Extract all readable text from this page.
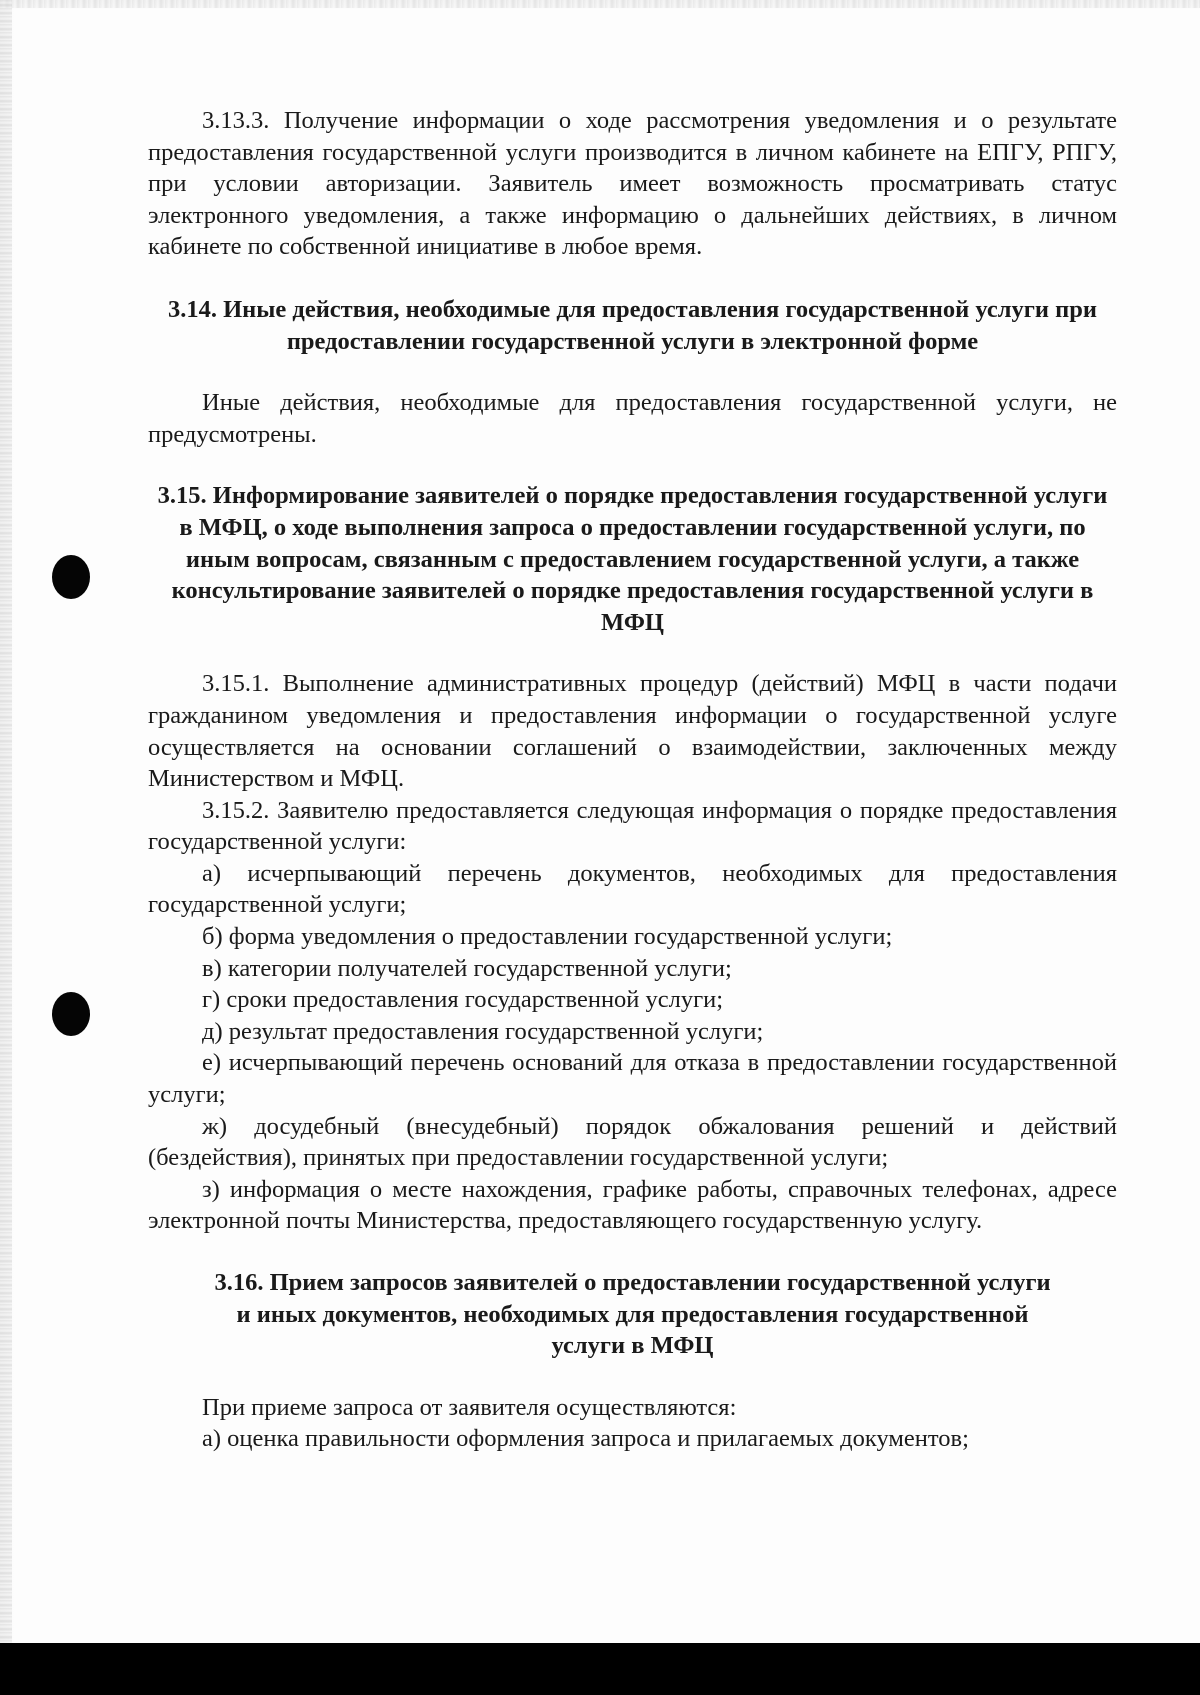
3.13.3. Получение информации о ходе рассмотрения уведомления и о результате предоставления государственной услуги производится в личном кабинете на ЕПГУ, РПГУ, при условии авторизации. Заявитель имеет возможность просматривать статус электронного уведомления, а также информацию о дальнейших действиях, в личном кабинете по собственной инициативе в любое время.

3.14. Иные действия, необходимые для предоставления государственной услуги при предоставлении государственной услуги в электронной форме

Иные действия, необходимые для предоставления государственной услуги, не предусмотрены.

3.15. Информирование заявителей о порядке предоставления государственной услуги в МФЦ, о ходе выполнения запроса о предоставлении государственной услуги, по иным вопросам, связанным с предоставлением государственной услуги, а также консультирование заявителей о порядке предоставления государственной услуги в МФЦ

3.15.1. Выполнение административных процедур (действий) МФЦ в части подачи гражданином уведомления и предоставления информации о государственной услуге осуществляется на основании соглашений о взаимодействии, заключенных между Министерством и МФЦ.

3.15.2. Заявителю предоставляется следующая информация о порядке предоставления государственной услуги:

а) исчерпывающий перечень документов, необходимых для предоставления государственной услуги;

б) форма уведомления о предоставлении государственной услуги;

в) категории получателей государственной услуги;

г) сроки предоставления государственной услуги;

д) результат предоставления государственной услуги;

е) исчерпывающий перечень оснований для отказа в предоставлении государственной услуги;

ж) досудебный (внесудебный) порядок обжалования решений и действий (бездействия), принятых при предоставлении государственной услуги;

з) информация о месте нахождения, графике работы, справочных телефонах, адресе электронной почты Министерства, предоставляющего государственную услугу.

3.16. Прием запросов заявителей о предоставлении государственной услуги
и иных документов, необходимых для предоставления государственной
услуги в МФЦ

При приеме запроса от заявителя осуществляются:

а) оценка правильности оформления запроса и прилагаемых документов;
